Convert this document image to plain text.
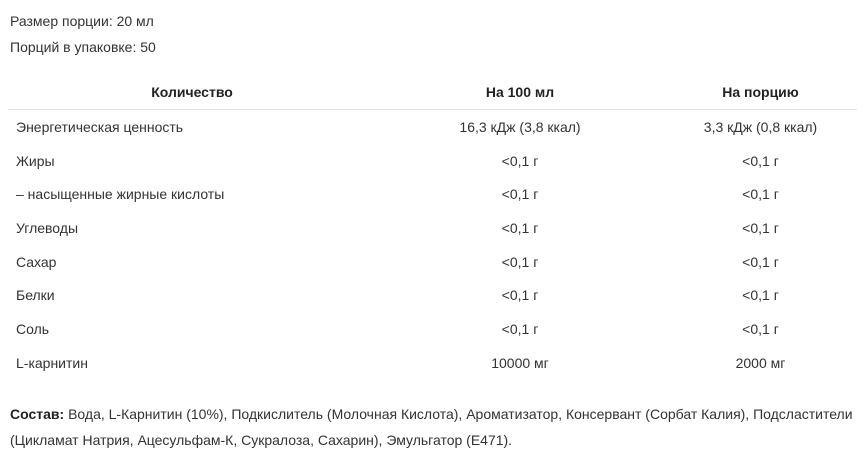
Размер порции: 20 мл
Порций в упаковке: 50
Количество	На 100 мл	На порцию
Энергетическая ценность	16,3 кДж (3,8 ккал)	3,3 кДж (0,8 ккал)
Жиры	<0,1 г	<0,1 г
– насыщенные жирные кислоты	<0,1 г	<0,1 г
Углеводы	<0,1 г	<0,1 г
Сахар	<0,1 г	<0,1 г
Белки	<0,1 г	<0,1 г
Соль	<0,1 г	<0,1 г
L-карнитин	10000 мг	2000 мг
Состав: Вода, L-Карнитин (10%), Подкислитель (Молочная Кислота), Ароматизатор, Консервант (Сорбат Калия), Подсластители (Цикламат Натрия, Ацесульфам-К, Сукралоза, Сахарин), Эмульгатор (E471).
